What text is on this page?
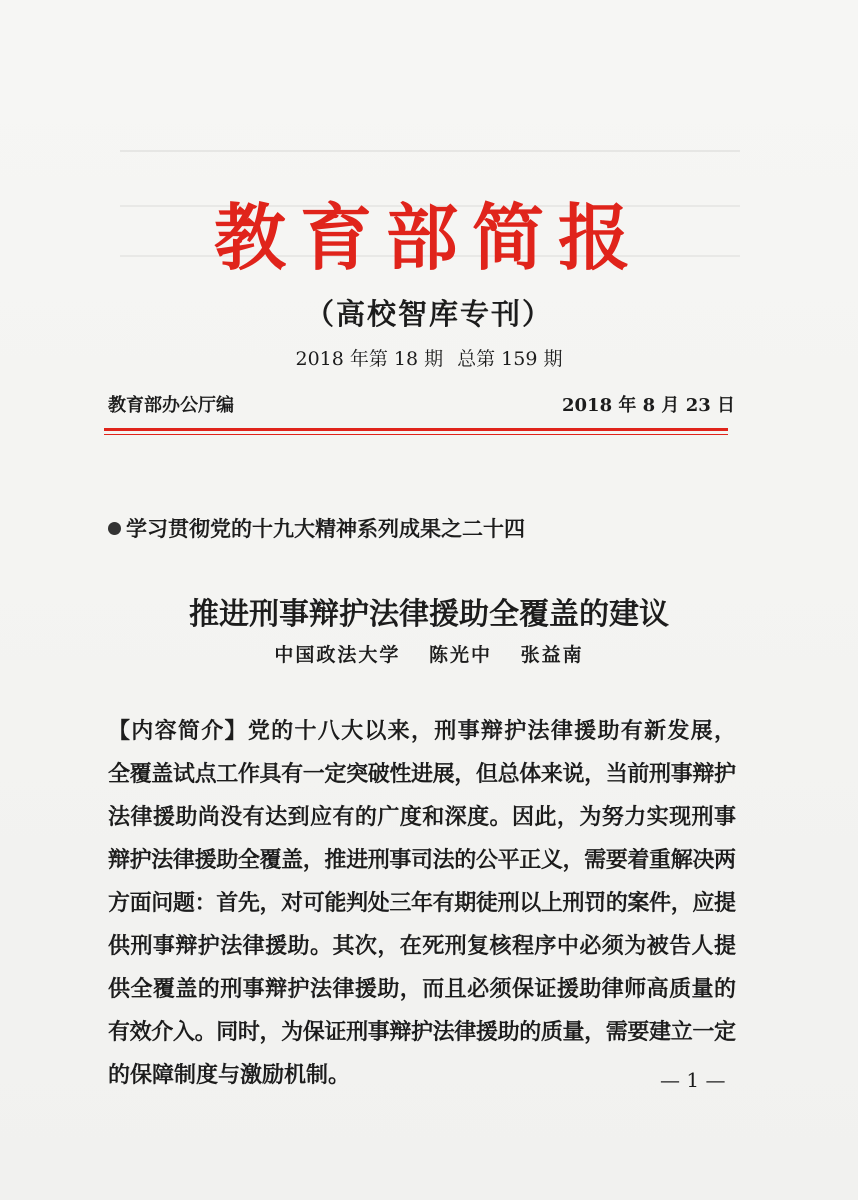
教育部简报
（高校智库专刊）
2018 年第 18 期 总第 159 期
教育部办公厅编	2018 年 8 月 23 日
学习贯彻党的十九大精神系列成果之二十四
推进刑事辩护法律援助全覆盖的建议
中国政法大学 陈光中 张益南
【内容简介】党的十八大以来，刑事辩护法律援助有新发展，
全覆盖试点工作具有一定突破性进展，但总体来说，当前刑事辩护
法律援助尚没有达到应有的广度和深度。因此，为努力实现刑事
辩护法律援助全覆盖，推进刑事司法的公平正义，需要着重解决两
方面问题：首先，对可能判处三年有期徒刑以上刑罚的案件，应提
供刑事辩护法律援助。其次，在死刑复核程序中必须为被告人提
供全覆盖的刑事辩护法律援助，而且必须保证援助律师高质量的
有效介入。同时，为保证刑事辩护法律援助的质量，需要建立一定
的保障制度与激励机制。	— 1 —
